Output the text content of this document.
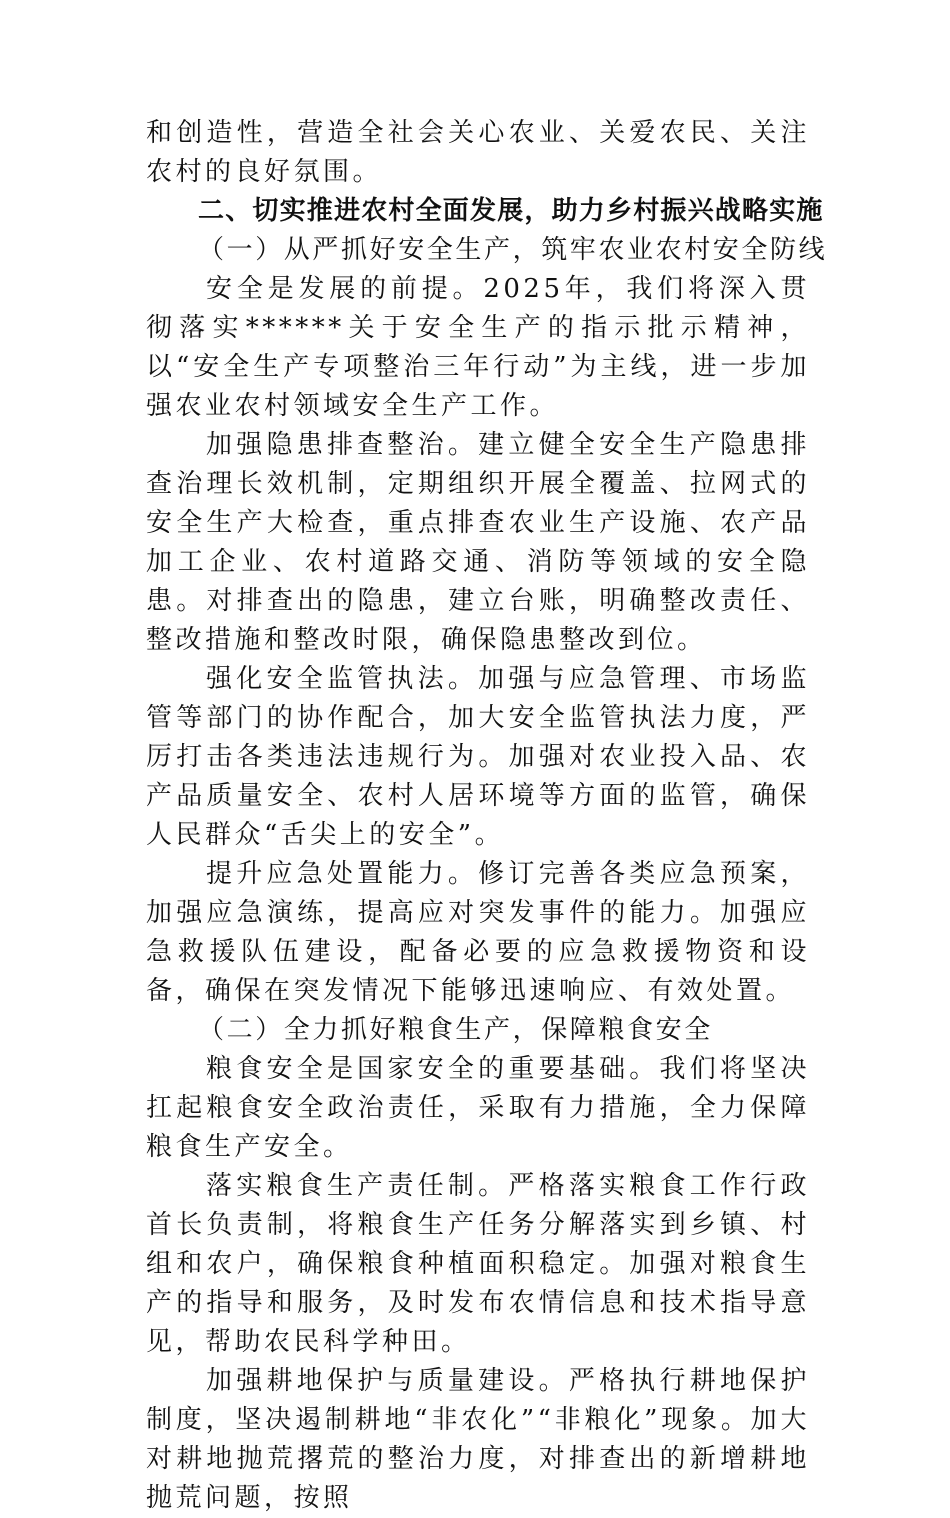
和创造性，营造全社会关心农业、关爱农民、关注农村的良好氛围。

二、切实推进农村全面发展，助力乡村振兴战略实施

（一）从严抓好安全生产，筑牢农业农村安全防线

安全是发展的前提。2025年，我们将深入贯彻落实******关于安全生产的指示批示精神，以“安全生产专项整治三年行动”为主线，进一步加强农业农村领域安全生产工作。

加强隐患排查整治。建立健全安全生产隐患排查治理长效机制，定期组织开展全覆盖、拉网式的安全生产大检查，重点排查农业生产设施、农产品加工企业、农村道路交通、消防等领域的安全隐患。对排查出的隐患，建立台账，明确整改责任、整改措施和整改时限，确保隐患整改到位。

强化安全监管执法。加强与应急管理、市场监管等部门的协作配合，加大安全监管执法力度，严厉打击各类违法违规行为。加强对农业投入品、农产品质量安全、农村人居环境等方面的监管，确保人民群众“舌尖上的安全”。

提升应急处置能力。修订完善各类应急预案，加强应急演练，提高应对突发事件的能力。加强应急救援队伍建设，配备必要的应急救援物资和设备，确保在突发情况下能够迅速响应、有效处置。

（二）全力抓好粮食生产，保障粮食安全

粮食安全是国家安全的重要基础。我们将坚决扛起粮食安全政治责任，采取有力措施，全力保障粮食生产安全。

落实粮食生产责任制。严格落实粮食工作行政首长负责制，将粮食生产任务分解落实到乡镇、村组和农户，确保粮食种植面积稳定。加强对粮食生产的指导和服务，及时发布农情信息和技术指导意见，帮助农民科学种田。

加强耕地保护与质量建设。严格执行耕地保护制度，坚决遏制耕地“非农化”“非粮化”现象。加大对耕地抛荒撂荒的整治力度，对排查出的新增耕地抛荒问题，按照
